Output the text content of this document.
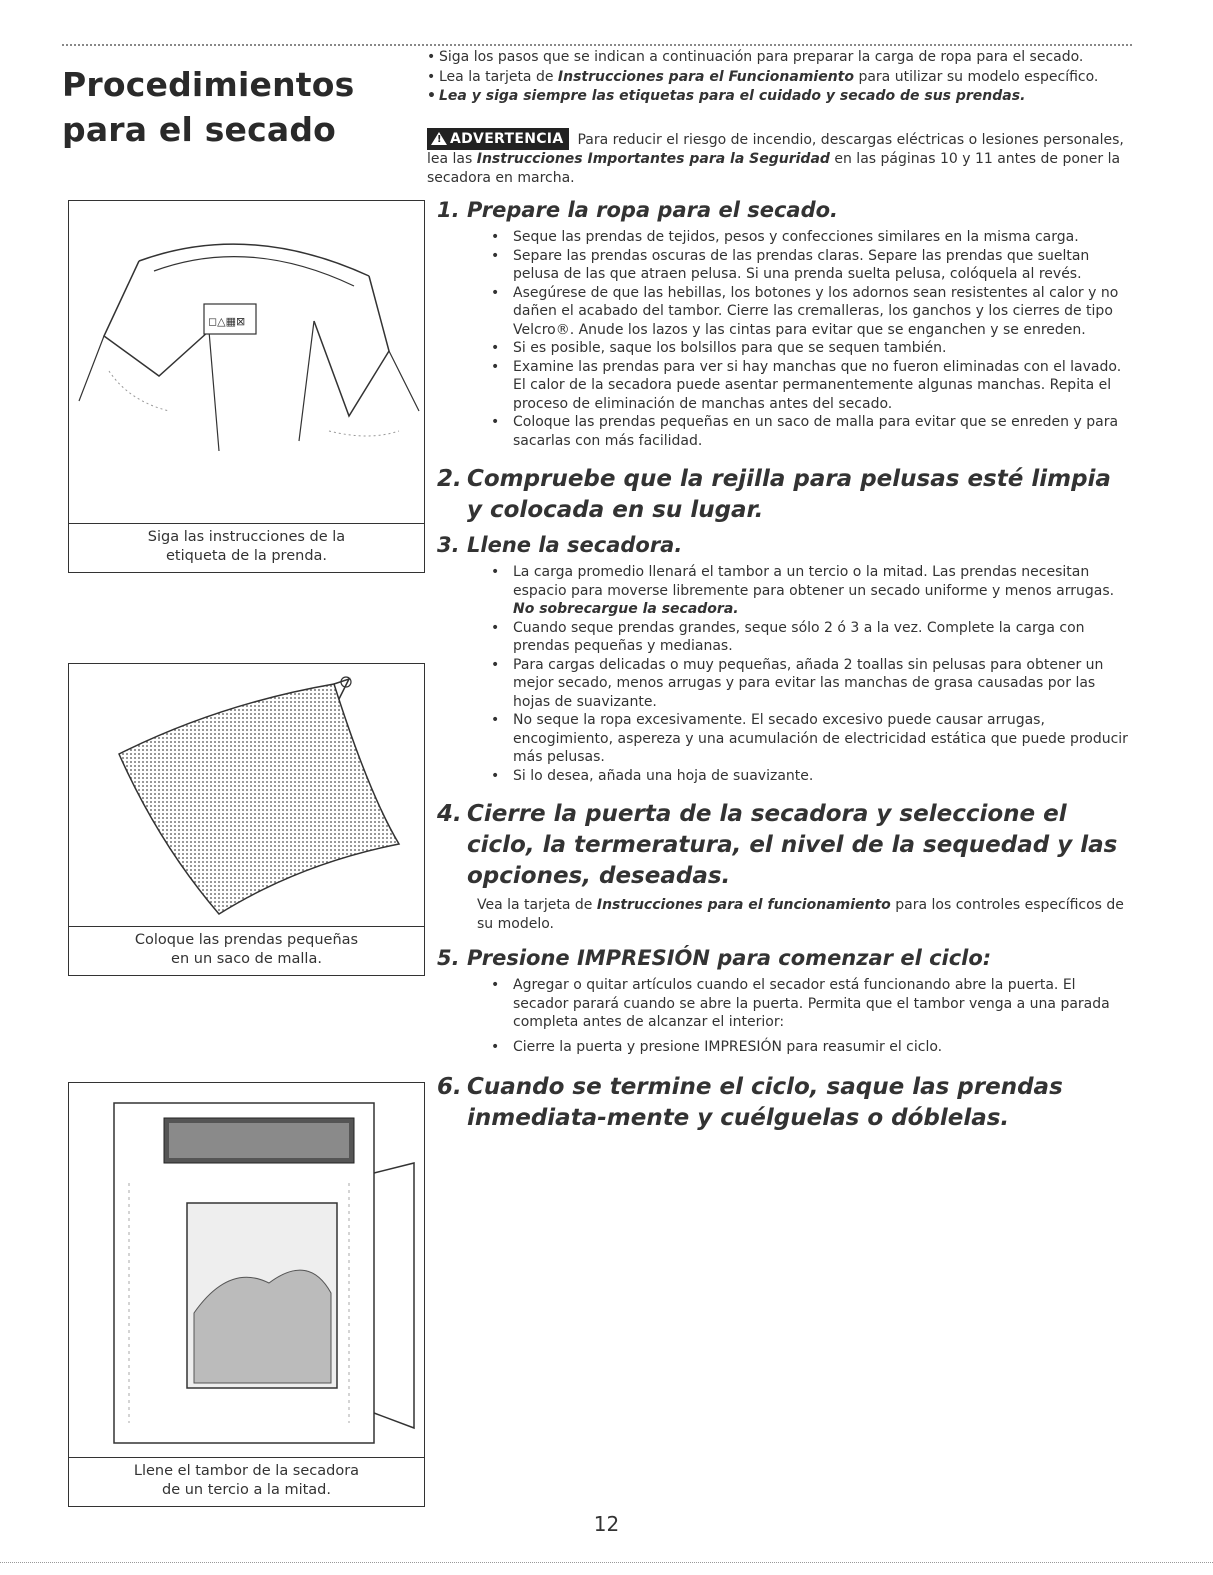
Procedimientos para el secado
◻△▦⊠
Siga las instrucciones de la
etiqueta de la prenda.
Coloque las prendas pequeñas
en un saco de malla.
Llene el tambor de la secadora
de un tercio a la mitad.
• Siga los pasos que se indican a continuación para preparar la carga de ropa para el secado.
• Lea la tarjeta de Instrucciones para el Funcionamiento para utilizar su modelo específico.
• Lea y siga siempre las etiquetas para el cuidado y secado de sus prendas.
! ADVERTENCIA Para reducir el riesgo de incendio, descargas eléctricas o lesiones personales, lea las Instrucciones Importantes para la Seguridad en las páginas 10 y 11 antes de poner la secadora en marcha.
1. Prepare la ropa para el secado.
• Seque las prendas de tejidos, pesos y confecciones similares en la misma carga.
• Separe las prendas oscuras de las prendas claras. Separe las prendas que sueltan pelusa de las que atraen pelusa. Si una prenda suelta pelusa, colóquela al revés.
• Asegúrese de que las hebillas, los botones y los adornos sean resistentes al calor y no dañen el acabado del tambor. Cierre las cremalleras, los ganchos y los cierres de tipo Velcro®. Anude los lazos y las cintas para evitar que se enganchen y se enreden.
• Si es posible, saque los bolsillos para que se sequen también.
• Examine las prendas para ver si hay manchas que no fueron eliminadas con el lavado. El calor de la secadora puede asentar permanentemente algunas manchas. Repita el proceso de eliminación de manchas antes del secado.
• Coloque las prendas pequeñas en un saco de malla para evitar que se enreden y para sacarlas con más facilidad.
2. Compruebe que la rejilla para pelusas esté limpia y colocada en su lugar.
3. Llene la secadora.
• La carga promedio llenará el tambor a un tercio o la mitad. Las prendas necesitan espacio para moverse libremente para obtener un secado uniforme y menos arrugas. No sobrecargue la secadora.
• Cuando seque prendas grandes, seque sólo 2 ó 3 a la vez. Complete la carga con prendas pequeñas y medianas.
• Para cargas delicadas o muy pequeñas, añada 2 toallas sin pelusas para obtener un mejor secado, menos arrugas y para evitar las manchas de grasa causadas por las hojas de suavizante.
• No seque la ropa excesivamente. El secado excesivo puede causar arrugas, encogimiento, aspereza y una acumulación de electricidad estática que puede producir más pelusas.
• Si lo desea, añada una hoja de suavizante.
4. Cierre la puerta de la secadora y seleccione el ciclo, la termeratura, el nivel de la sequedad y las opciones, deseadas.

Vea la tarjeta de Instrucciones para el funcionamiento para los controles específicos de su modelo.

5. Presione IMPRESIÓN para comenzar el ciclo:
• Agregar o quitar artículos cuando el secador está funcionando abre la puerta. El secador parará cuando se abre la puerta. Permita que el tambor venga a una parada completa antes de alcanzar el interior:
• Cierre la puerta y presione IMPRESIÓN para reasumir el ciclo.
6. Cuando se termine el ciclo, saque las prendas inmediata-mente y cuélguelas o dóblelas.
12
